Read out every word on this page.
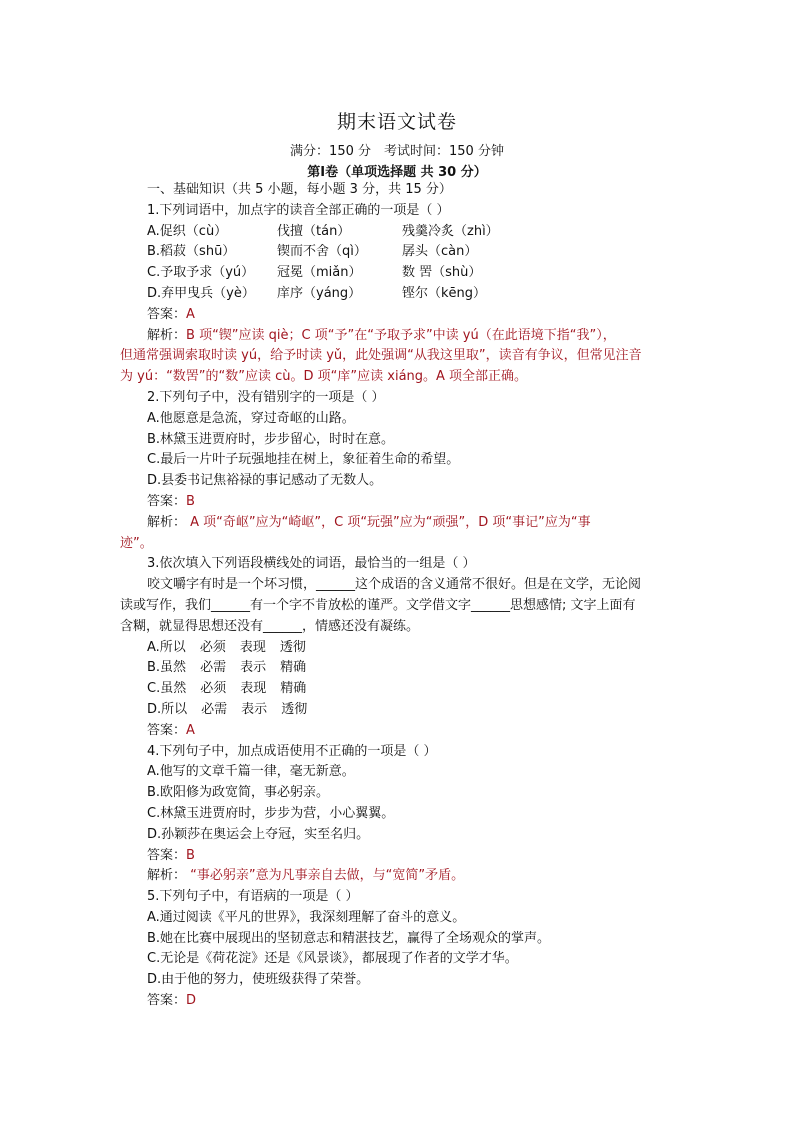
期末语文试卷
满分：150 分　考试时间：150 分钟
第Ⅰ卷（单项选择题 共 30 分）
一、基础知识（共 5 小题，每小题 3 分，共 15 分）
1.下列词语中，加点字的读音全部正确的一项是（ ）
A.促织（cù）	伐擅（tán）	残羹冷炙（zhì）
B.稻菽（shū）	锲而不舍（qì）	孱头（càn）
C.予取予求（yú）	冠冕（miǎn）	数 罟（shù）
D.弃甲曳兵（yè）	庠序（yáng）	铿尔（kēng）
答案：A
解析：B 项“锲”应读 qiè；C 项“予”在“予取予求”中读 yú（在此语境下指“我”），
但通常强调索取时读 yú，给予时读 yǔ，此处强调“从我这里取”，读音有争议，但常见注音
为 yú：“数罟”的“数”应读 cù。D 项“庠”应读 xiáng。A 项全部正确。
2.下列句子中，没有错别字的一项是（ ）
A.他愿意是急流，穿过奇岖的山路。
B.林黛玉进贾府时，步步留心，时时在意。
C.最后一片叶子玩强地挂在树上，象征着生命的希望。
D.县委书记焦裕禄的事记感动了无数人。
答案：B
解析： A 项“奇岖”应为“崎岖”，C 项“玩强”应为“顽强”，D 项“事记”应为“事
迹”。
3.依次填入下列语段横线处的词语，最恰当的一组是（ ）
咬文嚼字有时是一个坏习惯，______这个成语的含义通常不很好。但是在文学，无论阅
读或写作，我们______有一个字不肯放松的谨严。文学借文字______思想感情; 文字上面有
含糊，就显得思想还没有______，情感还没有凝练。
A.所以 必须 表现 透彻
B.虽然 必需 表示 精确
C.虽然 必须 表现 精确
D.所以 必需 表示 透彻
答案：A
4.下列句子中，加点成语使用不正确的一项是（ ）
A.他写的文章千篇一律，毫无新意。
B.欧阳修为政宽简，事必躬亲。
C.林黛玉进贾府时，步步为营，小心翼翼。
D.孙颖莎在奥运会上夺冠，实至名归。
答案：B
解析： “事必躬亲”意为凡事亲自去做，与“宽简”矛盾。
5.下列句子中，有语病的一项是（ ）
A.通过阅读《平凡的世界》，我深刻理解了奋斗的意义。
B.她在比赛中展现出的坚韧意志和精湛技艺，赢得了全场观众的掌声。
C.无论是《荷花淀》还是《风景谈》，都展现了作者的文学才华。
D.由于他的努力，使班级获得了荣誉。
答案：D
